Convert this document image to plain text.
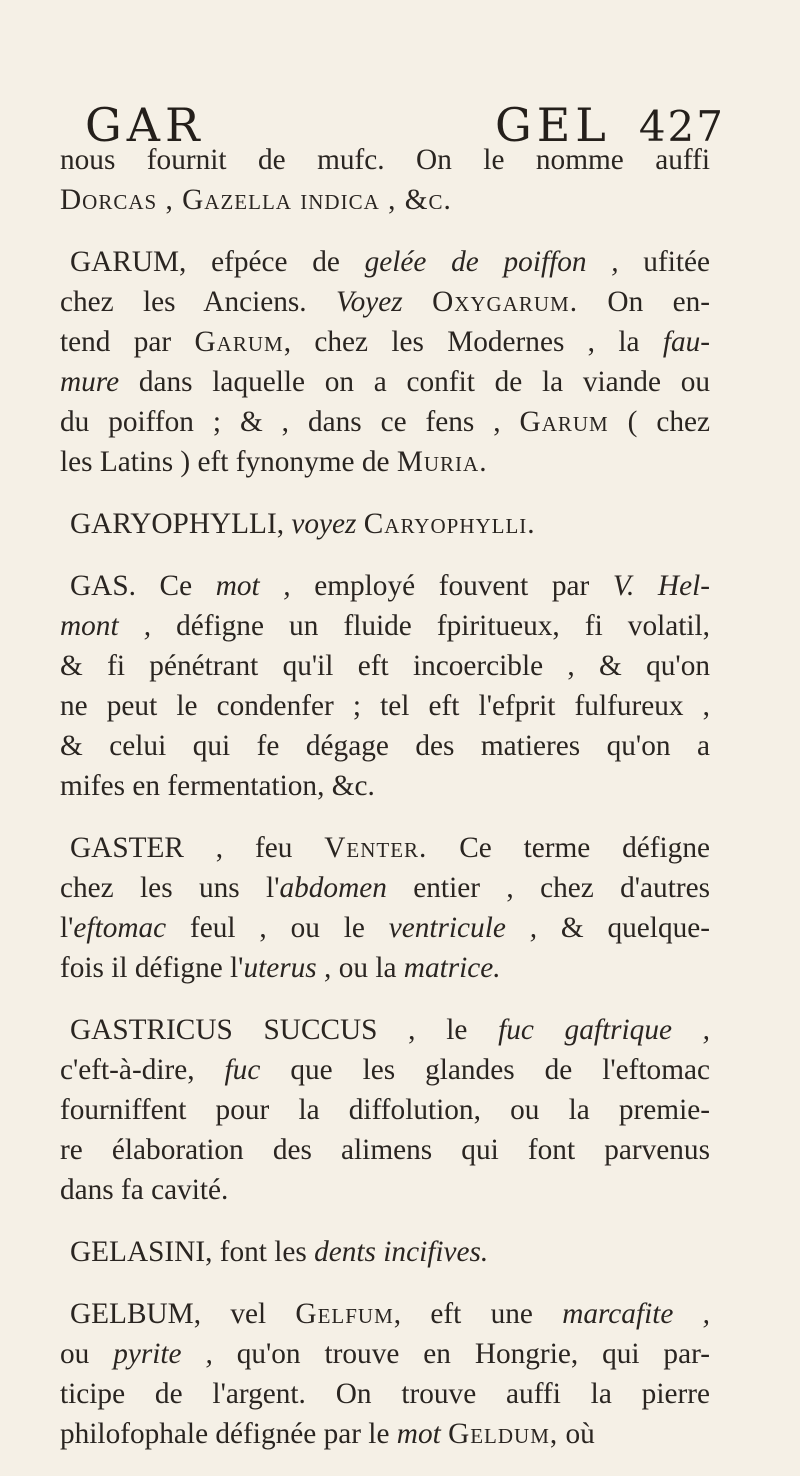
GAR	GEL 427
nous fournit de mufc. On le nomme auffi
Dorcas , Gazella indica , &c.
GARUM, efpéce de gelée de poiffon , ufitée
chez les Anciens. Voyez Oxygarum. On en-
tend par Garum, chez les Modernes , la fau-
mure dans laquelle on a confit de la viande ou
du poiffon ; & , dans ce fens , Garum ( chez
les Latins ) eft fynonyme de Muria.
GARYOPHYLLI, voyez Caryophylli.
GAS. Ce mot , employé fouvent par V. Hel-
mont , défigne un fluide fpiritueux, fi volatil,
& fi pénétrant qu'il eft incoercible , & qu'on
ne peut le condenfer ; tel eft l'efprit fulfureux ,
& celui qui fe dégage des matieres qu'on a
mifes en fermentation, &c.
GASTER , feu Venter. Ce terme défigne
chez les uns l'abdomen entier , chez d'autres
l'eftomac feul , ou le ventricule , & quelque-
fois il défigne l'uterus , ou la matrice.
GASTRICUS SUCCUS , le fuc gaftrique ,
c'eft-à-dire, fuc que les glandes de l'eftomac
fourniffent pour la diffolution, ou la premie-
re élaboration des alimens qui font parvenus
dans fa cavité.
GELASINI, font les dents incifives.
GELBUM, vel Gelfum, eft une marcafite ,
ou pyrite , qu'on trouve en Hongrie, qui par-
ticipe de l'argent. On trouve auffi la pierre
philofophale défignée par le mot Geldum, où
